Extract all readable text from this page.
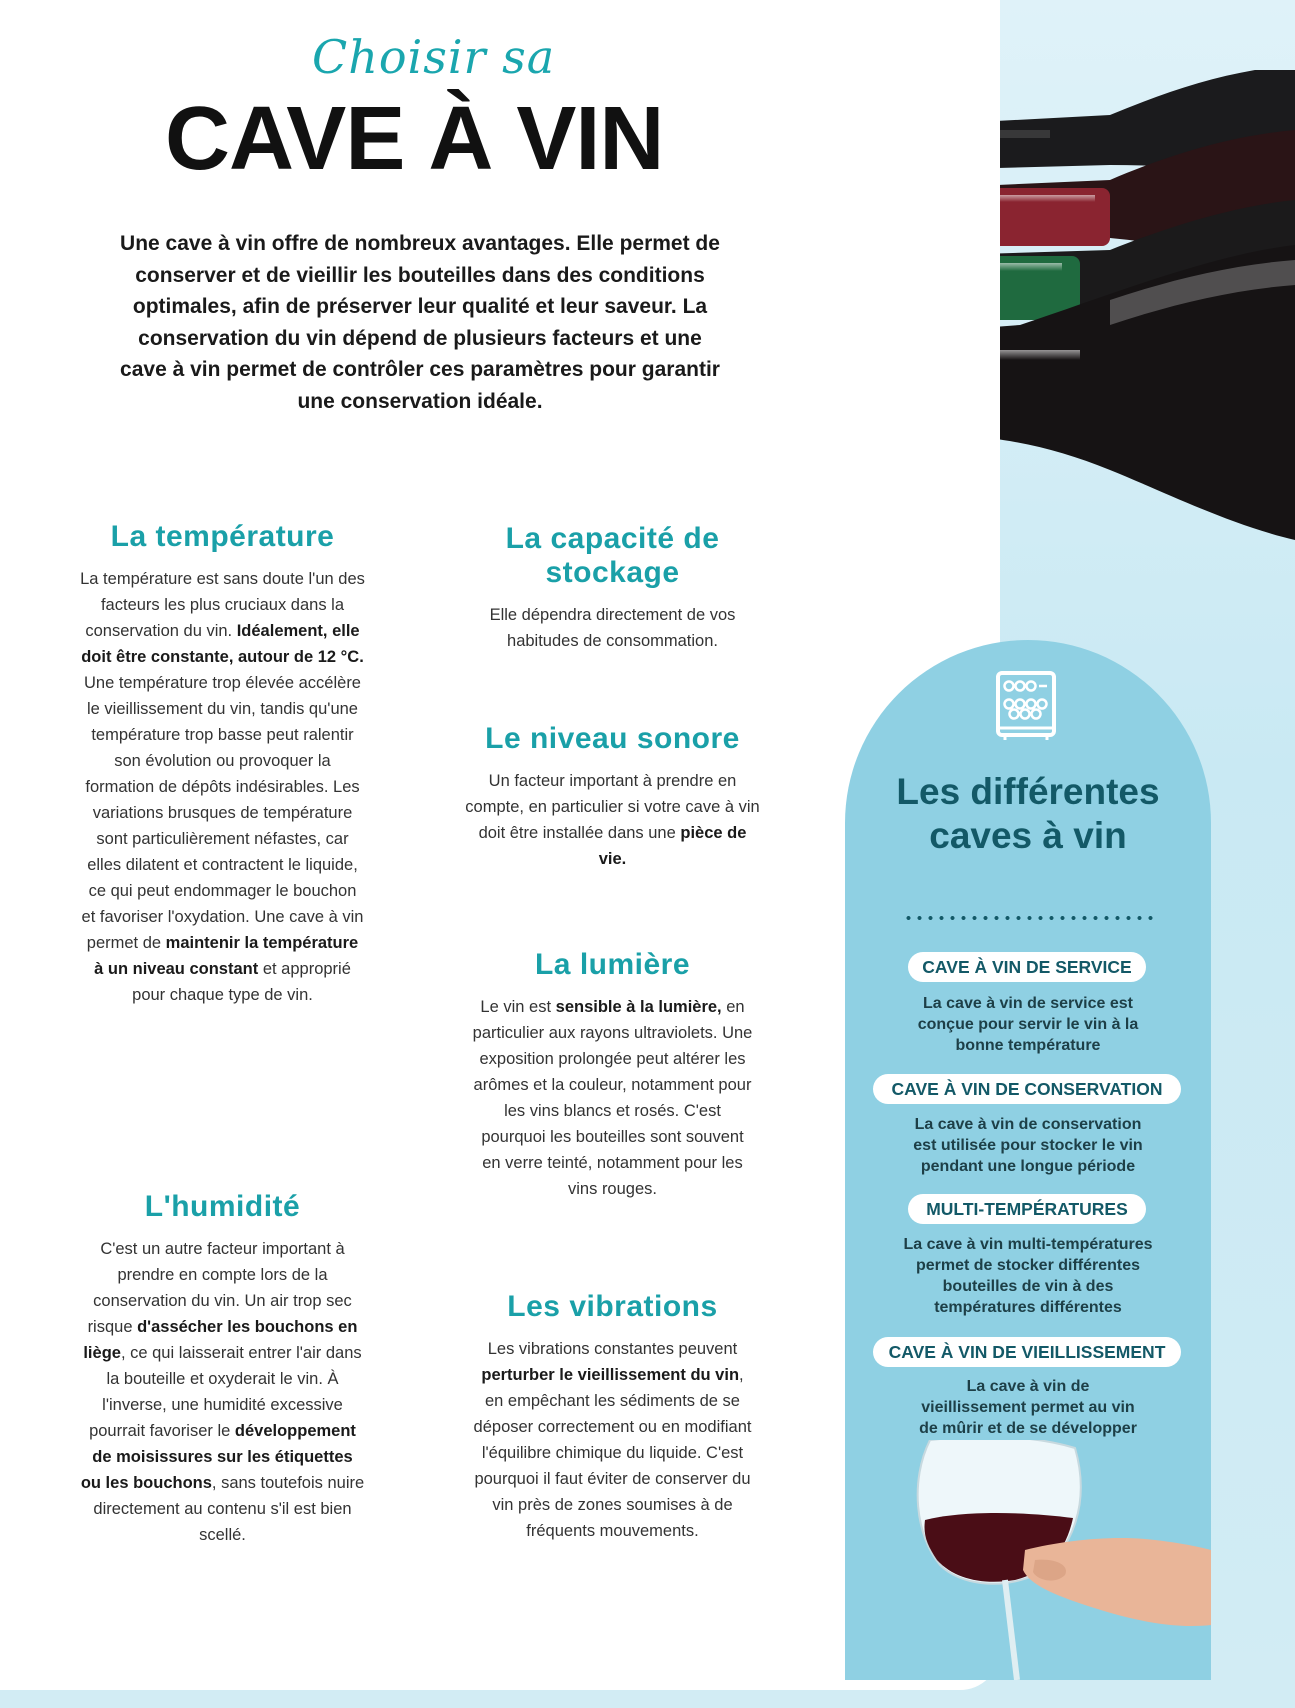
Choisir sa
CAVE À VIN
Une cave à vin offre de nombreux avantages. Elle permet de conserver et de vieillir les bouteilles dans des conditions optimales, afin de préserver leur qualité et leur saveur. La conservation du vin dépend de plusieurs facteurs et une cave à vin permet de contrôler ces paramètres pour garantir une conservation idéale.
La température

La température est sans doute l'un des facteurs les plus cruciaux dans la conservation du vin. Idéalement, elle doit être constante, autour de 12 °C. Une température trop élevée accélère le vieillissement du vin, tandis qu'une température trop basse peut ralentir son évolution ou provoquer la formation de dépôts indésirables. Les variations brusques de température sont particulièrement néfastes, car elles dilatent et contractent le liquide, ce qui peut endommager le bouchon et favoriser l'oxydation. Une cave à vin permet de maintenir la température à un niveau constant et approprié pour chaque type de vin.

L'humidité

C'est un autre facteur important à prendre en compte lors de la conservation du vin. Un air trop sec risque d'assécher les bouchons en liège, ce qui laisserait entrer l'air dans la bouteille et oxyderait le vin. À l'inverse, une humidité excessive pourrait favoriser le développement de moisissures sur les étiquettes ou les bouchons, sans toutefois nuire directement au contenu s'il est bien scellé.

La capacité de stockage

Elle dépendra directement de vos habitudes de consommation.

Le niveau sonore

Un facteur important à prendre en compte, en particulier si votre cave à vin doit être installée dans une pièce de vie.

La lumière

Le vin est sensible à la lumière, en particulier aux rayons ultraviolets. Une exposition prolongée peut altérer les arômes et la couleur, notamment pour les vins blancs et rosés. C'est pourquoi les bouteilles sont souvent en verre teinté, notamment pour les vins rouges.

Les vibrations

Les vibrations constantes peuvent perturber le vieillissement du vin, en empêchant les sédiments de se déposer correctement ou en modifiant l'équilibre chimique du liquide. C'est pourquoi il faut éviter de conserver du vin près de zones soumises à de fréquents mouvements.

Les différentes caves à vin
CAVE À VIN DE SERVICE
La cave à vin de service est conçue pour servir le vin à la bonne température
CAVE À VIN DE CONSERVATION
La cave à vin de conservation est utilisée pour stocker le vin pendant une longue période
MULTI-TEMPÉRATURES
La cave à vin multi-températures permet de stocker différentes bouteilles de vin à des températures différentes
CAVE À VIN DE VIEILLISSEMENT
La cave à vin de vieillissement permet au vin de mûrir et de se développer
